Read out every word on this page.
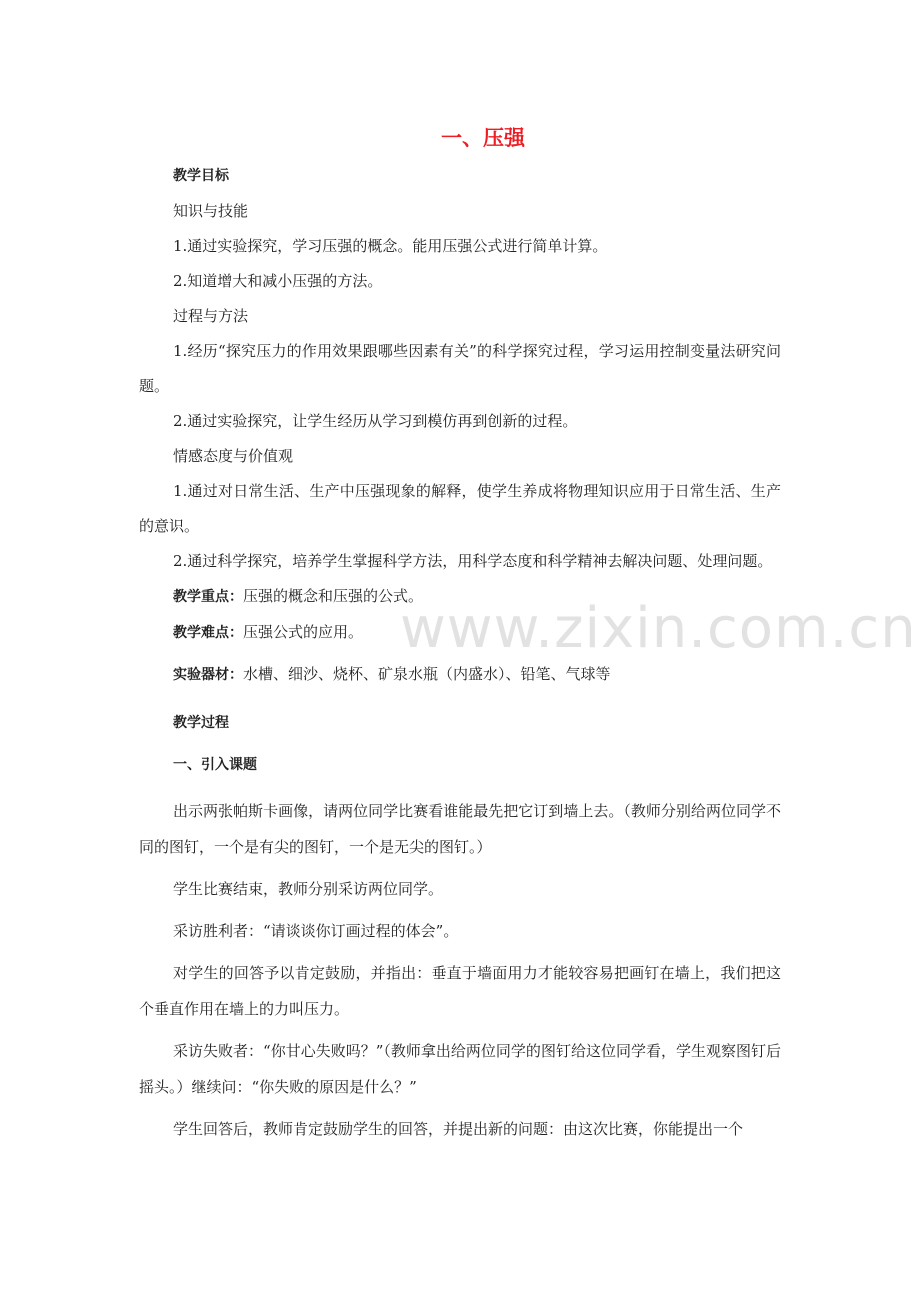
一、压强
www.zixin.com.cn

教学目标

知识与技能

1.通过实验探究，学习压强的概念。能用压强公式进行简单计算。

2.知道增大和减小压强的方法。

过程与方法

1.经历“探究压力的作用效果跟哪些因素有关”的科学探究过程，学习运用控制变量法研究问题。

2.通过实验探究，让学生经历从学习到模仿再到创新的过程。

情感态度与价值观

1.通过对日常生活、生产中压强现象的解释，使学生养成将物理知识应用于日常生活、生产的意识。

2.通过科学探究，培养学生掌握科学方法，用科学态度和科学精神去解决问题、处理问题。

教学重点：压强的概念和压强的公式。

教学难点：压强公式的应用。

实验器材：水槽、细沙、烧杯、矿泉水瓶（内盛水）、铅笔、气球等

教学过程

一、引入课题

出示两张帕斯卡画像，请两位同学比赛看谁能最先把它订到墙上去。（教师分别给两位同学不同的图钉，一个是有尖的图钉，一个是无尖的图钉。）

学生比赛结束，教师分别采访两位同学。

采访胜利者：“请谈谈你订画过程的体会”。

对学生的回答予以肯定鼓励，并指出：垂直于墙面用力才能较容易把画钉在墙上，我们把这个垂直作用在墙上的力叫压力。

采访失败者：“你甘心失败吗？”（教师拿出给两位同学的图钉给这位同学看，学生观察图钉后摇头。）继续问：“你失败的原因是什么？”

学生回答后，教师肯定鼓励学生的回答，并提出新的问题：由这次比赛，你能提出一个
